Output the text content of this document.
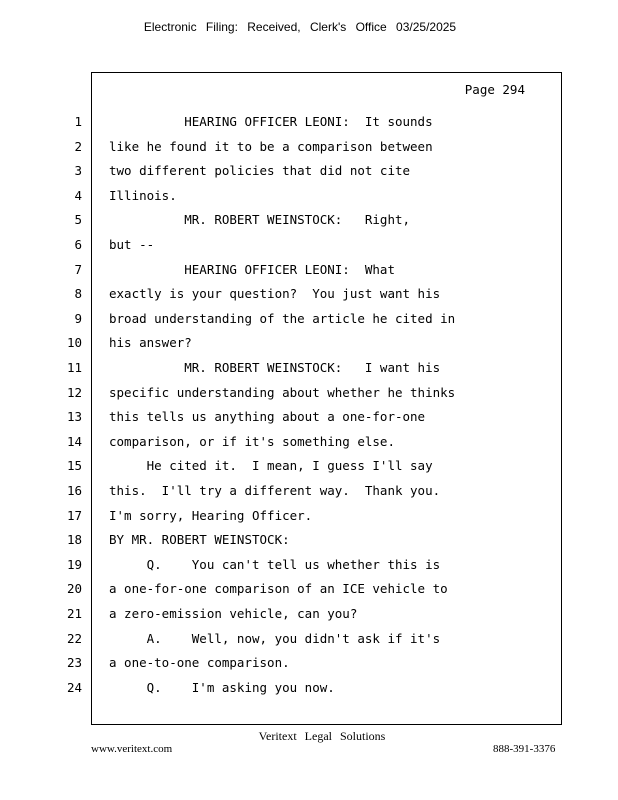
Electronic Filing: Received, Clerk's Office 03/25/2025
Page 294
1 HEARING OFFICER LEONI:  It sounds
2 like he found it to be a comparison between
3 two different policies that did not cite
4 Illinois.
5 MR. ROBERT WEINSTOCK:   Right,
6 but --
7 HEARING OFFICER LEONI:  What
8 exactly is your question?  You just want his
9 broad understanding of the article he cited in
10 his answer?
11 MR. ROBERT WEINSTOCK:   I want his
12 specific understanding about whether he thinks
13 this tells us anything about a one-for-one
14 comparison, or if it's something else.
15 He cited it.  I mean, I guess I'll say
16 this.  I'll try a different way.  Thank you.
17 I'm sorry, Hearing Officer.
18 BY MR. ROBERT WEINSTOCK:
19 Q.    You can't tell us whether this is
20 a one-for-one comparison of an ICE vehicle to
21 a zero-emission vehicle, can you?
22 A.    Well, now, you didn't ask if it's
23 a one-to-one comparison.
24 Q.    I'm asking you now.
Veritext Legal Solutions
www.veritext.com	888-391-3376
